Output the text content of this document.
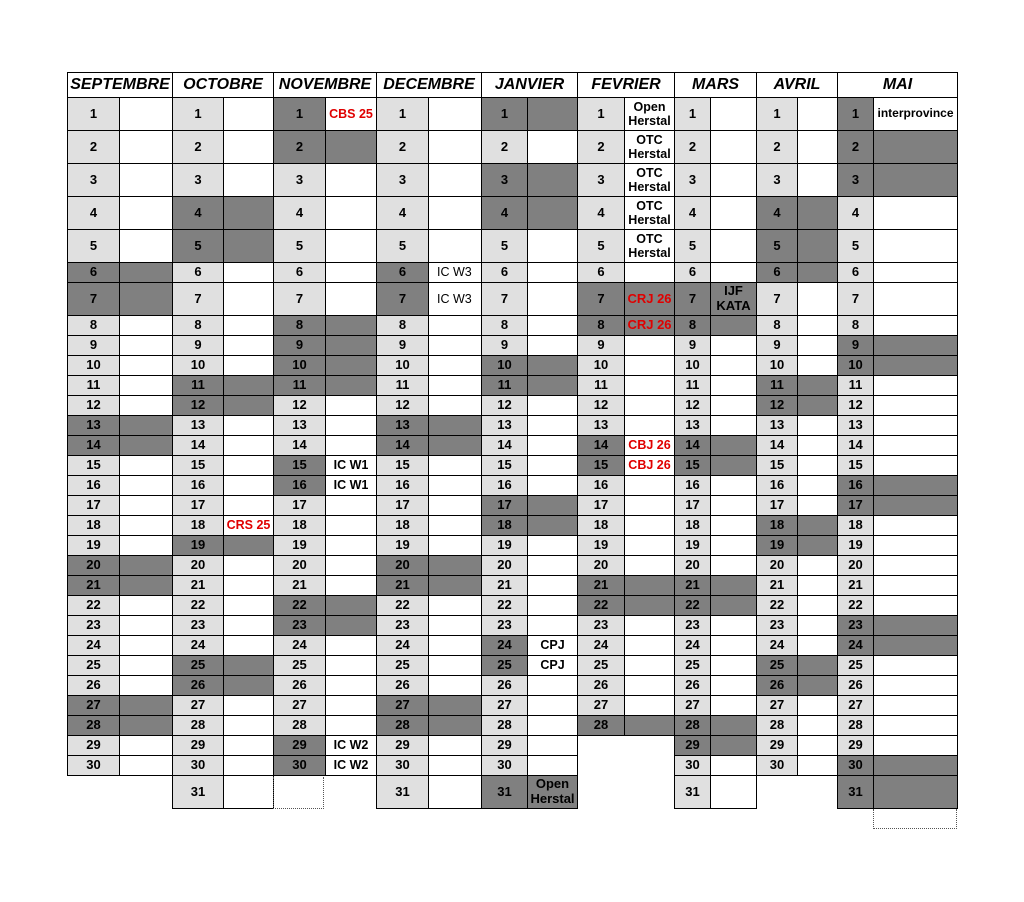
SEPTEMBRE
1
2
3
4
5
6
7
8
9
10
11
12
13
14
15
16
17
18
19
20
21
22
23
24
25
26
27
28
29
30
OCTOBRE
1
2
3
4
5
6
7
8
9
10
11
12
13
14
15
16
17
18	CRS 25
19
20
21
22
23
24
25
26
27
28
29
30
31
NOVEMBRE
1	CBS 25
2
3
4
5
6
7
8
9
10
11
12
13
14
15	IC W1
16	IC W1
17
18
19
20
21
22
23
24
25
26
27
28
29	IC W2
30	IC W2
DECEMBRE
1
2
3
4
5
6	IC W3
7	IC W3
8
9
10
11
12
13
14
15
16
17
18
19
20
21
22
23
24
25
26
27
28
29
30
31
JANVIER
1
2
3
4
5
6
7
8
9
10
11
12
13
14
15
16
17
18
19
20
21
22
23
24	CPJ
25	CPJ
26
27
28
29
30
31	Open Herstal
FEVRIER
1	Open Herstal
2	OTC Herstal
3	OTC Herstal
4	OTC Herstal
5	OTC Herstal
6
7	CRJ 26
8	CRJ 26
9
10
11
12
13
14	CBJ 26
15	CBJ 26
16
17
18
19
20
21
22
23
24
25
26
27
28
MARS
1
2
3
4
5
6
7	IJF KATA
8
9
10
11
12
13
14
15
16
17
18
19
20
21
22
23
24
25
26
27
28
29
30
31
AVRIL
1
2
3
4
5
6
7
8
9
10
11
12
13
14
15
16
17
18
19
20
21
22
23
24
25
26
27
28
29
30
MAI
1	interprovince
2
3
4
5
6
7
8
9
10
11
12
13
14
15
16
17
18
19
20
21
22
23
24
25
26
27
28
29
30
31
